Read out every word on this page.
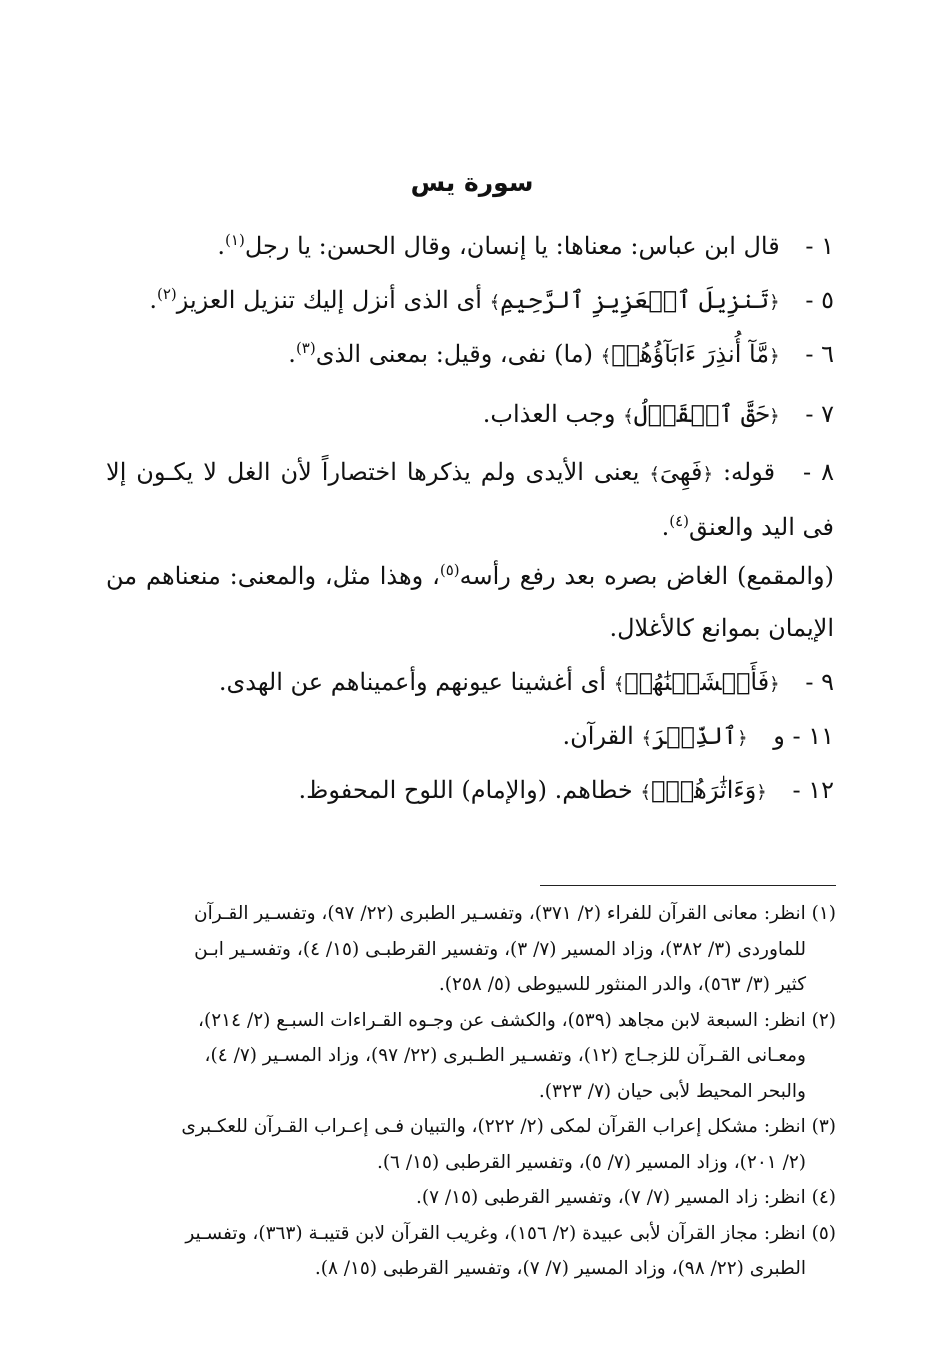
سورة يس
١ - قال ابن عباس: معناها: يا إنسان، وقال الحسن: يا رجل$^{(١)}$.
٥ - ﴿تَنزِيلَ ٱلۡعَزِيزِ ٱلرَّحِيمِ﴾ أى الذى أنزل إليك تنزيل العزيز$^{(٢)}$.
٦ - ﴿مَّآ أُنذِرَ ءَابَآؤُهُمۡ﴾ (ما) نفى، وقيل: بمعنى الذى$^{(٣)}$.
٧ - ﴿حَقَّ ٱلۡقَوۡلُ﴾ وجب العذاب.
٨ - قوله: ﴿فَهِىَ﴾ يعنى الأيدى ولم يذكرها اختصاراً لأن الغل لا يكـون إلا فى اليد والعنق$^{(٤)}$.
(والمقمع) الغاض بصره بعد رفع رأسه$^{(٥)}$، وهذا مثل، والمعنى: منعناهم من الإيمان بموانع كالأغلال.
٩ - ﴿فَأَغۡشَيۡنَٰهُمۡ﴾ أى أغشينا عيونهم وأعميناهم عن الهدى.
١١ - و ﴿ٱلذِّكۡرَ﴾ القرآن.
١٢ - ﴿وَءَاثَٰرَهُمۡۚ﴾ خطاهم. (والإمام) اللوح المحفوظ.
(١) انظر: معانى القرآن للفراء (٢/ ٣٧١)، وتفسـير الطبرى (٢٢/ ٩٧)، وتفسـير القـرآن
للماوردى (٣/ ٣٨٢)، وزاد المسير (٧/ ٣)، وتفسير القرطبـى (١٥/ ٤)، وتفسـير ابـن
كثير (٣/ ٥٦٣)، والدر المنثور للسيوطى (٥/ ٢٥٨).
(٢) انظر: السبعة لابن مجاهد (٥٣٩)، والكشف عن وجـوه القـراءات السبـع (٢/ ٢١٤)،
ومعـانى القـرآن للزجـاج (١٢)، وتفسـير الطـبرى (٢٢/ ٩٧)، وزاد المسـير (٧/ ٤)،
والبحر المحيط لأبى حيان (٧/ ٣٢٣).
(٣) انظر: مشكل إعراب القرآن لمكى (٢/ ٢٢٢)، والتبيان فـى إعـراب القـرآن للعكـبرى
(٢/ ٢٠١)، وزاد المسير (٧/ ٥)، وتفسير القرطبى (١٥/ ٦).
(٤) انظر: زاد المسير (٧/ ٧)، وتفسير القرطبى (١٥/ ٧).
(٥) انظر: مجاز القرآن لأبى عبيدة (٢/ ١٥٦)، وغريب القرآن لابن قتيبـة (٣٦٣)، وتفسـير
الطبرى (٢٢/ ٩٨)، وزاد المسير (٧/ ٧)، وتفسير القرطبى (١٥/ ٨).
